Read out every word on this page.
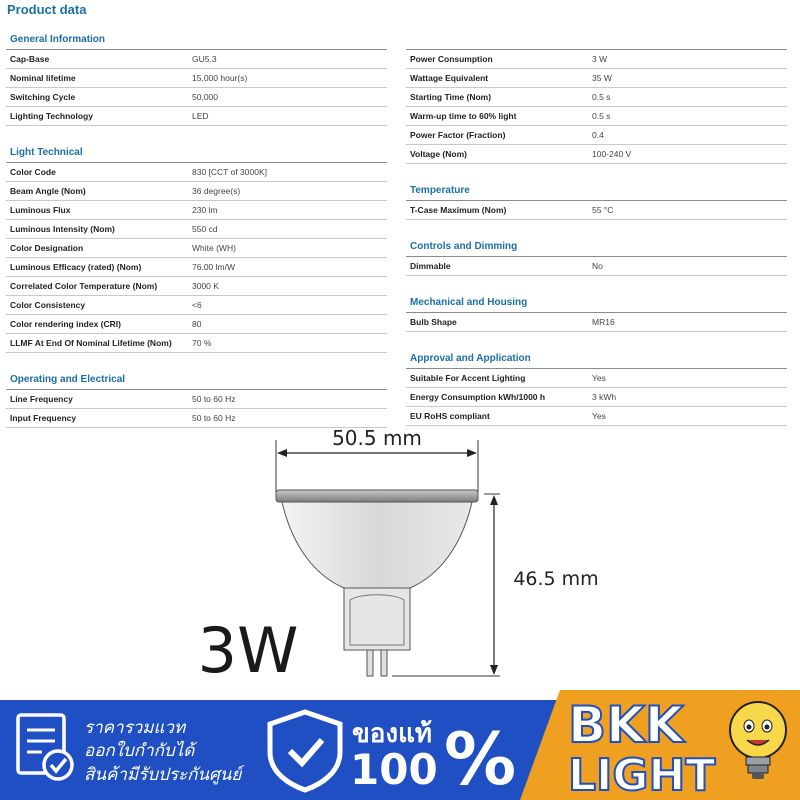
Product data
General Information
Cap-Base	GU5.3
Nominal lifetime	15,000 hour(s)
Switching Cycle	50,000
Lighting Technology	LED
Light Technical
Color Code	830 [CCT of 3000K]
Beam Angle (Nom)	36 degree(s)
Luminous Flux	230 lm
Luminous Intensity (Nom)	550 cd
Color Designation	White (WH)
Luminous Efficacy (rated) (Nom)	76.00 lm/W
Correlated Color Temperature (Nom)	3000 K
Color Consistency	<6
Color rendering index (CRI)	80
LLMF At End Of Nominal Lifetime (Nom) 70 %
Operating and Electrical
Line Frequency	50 to 60 Hz
Input Frequency	50 to 60 Hz
Power Consumption	3 W
Wattage Equivalent	35 W
Starting Time (Nom)	0.5 s
Warm-up time to 60% light	0.5 s
Power Factor (Fraction)	0.4
Voltage (Nom)	100-240 V
Temperature
T-Case Maximum (Nom)	55 °C
Controls and Dimming
Dimmable	No
Mechanical and Housing
Bulb Shape	MR16
Approval and Application
Suitable For Accent Lighting	Yes
Energy Consumption kWh/1000 h	3 kWh
EU RoHS compliant	Yes
50.5 mm
46.5 mm
3W
ราคารวมแวท
ออกใบกำกับได้
สินค้ามีรับประกันศูนย์
ของแท้
100 % BKK
LIGHT
